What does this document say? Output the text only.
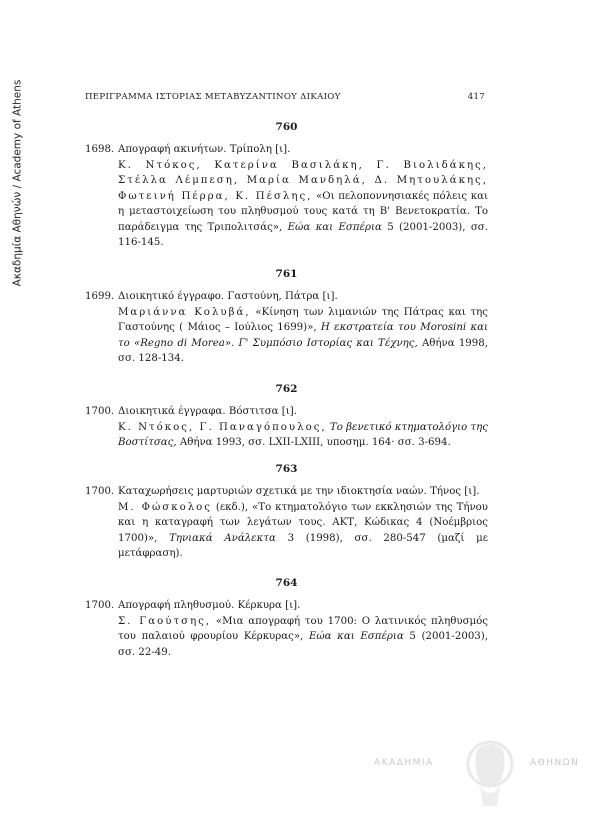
Ακαδημία Αθηνών / Academy of Athens	ΠΕΡΙΓΡΑΜΜΑ ΙΣΤΟΡΙΑΣ ΜΕΤΑΒΥΖΑΝΤΙΝΟΥ ΔΙΚΑΙΟΥ	417
760
1698. Απογραφή ακινήτων. Τρίπολη [ι].
Κ. Ντόκος, Κατερίνα Βασιλάκη, Γ. Βιολιδάκης, Στέλλα Λέμπεση, Μαρία Μανδηλά, Δ. Μητουλάκης, Φωτεινή Πέρρα, Κ. Πέσλης, «Οι πελοποννησιακές πόλεις και η μεταστοιχείωση του πληθυσμού τους κατά τη Β' Βενετοκρατία. Το παράδειγμα της Τριπολιτσάς», Εώα και Εσπέρια 5 (2001-2003), σσ. 116-145.
761
1699. Διοικητικό έγγραφο. Γαστούνη, Πάτρα [ι].
Μαριάννα Κολυβά, «Κίνηση των λιμανιών της Πάτρας και της Γαστούνης ( Μάιος – Ιούλιος 1699)», Η εκστρατεία του Morosini και το «Regno di Morea». Γ' Συμπόσιο Ιστορίας και Τέχνης, Αθήνα 1998, σσ. 128-134.
762
1700. Διοικητικά έγγραφα. Βόστιτσα [ι].
Κ. Ντόκος, Γ. Παναγόπουλος, Το βενετικό κτηματολόγιο της Βοστίτσας, Αθήνα 1993, σσ. LXII-LXIII, υποσημ. 164· σσ. 3-694.
763
1700. Καταχωρήσεις μαρτυριών σχετικά με την ιδιοκτησία ναών. Τήνος [ι].
Μ. Φώσκολος (εκδ.), «Το κτηματολόγιο των εκκλησιών της Τήνου και η καταγραφή των λεγάτων τους. ΑΚΤ, Κώδικας 4 (Νοέμβριος 1700)», Τηνιακά Ανάλεκτα 3 (1998), σσ. 280-547 (μαζί με μετάφραση).
764
1700. Απογραφή πληθυσμού. Κέρκυρα [ι].
Σ. Γαούτσης, «Μια απογραφή του 1700: Ο λατινικός πληθυσμός του παλαιού φρουρίου Κέρκυρας», Εώα και Εσπέρια 5 (2001-2003), σσ. 22-49.
ΑΚΑΔΗΜΙΑ	ΑΘΗΝΩΝ
